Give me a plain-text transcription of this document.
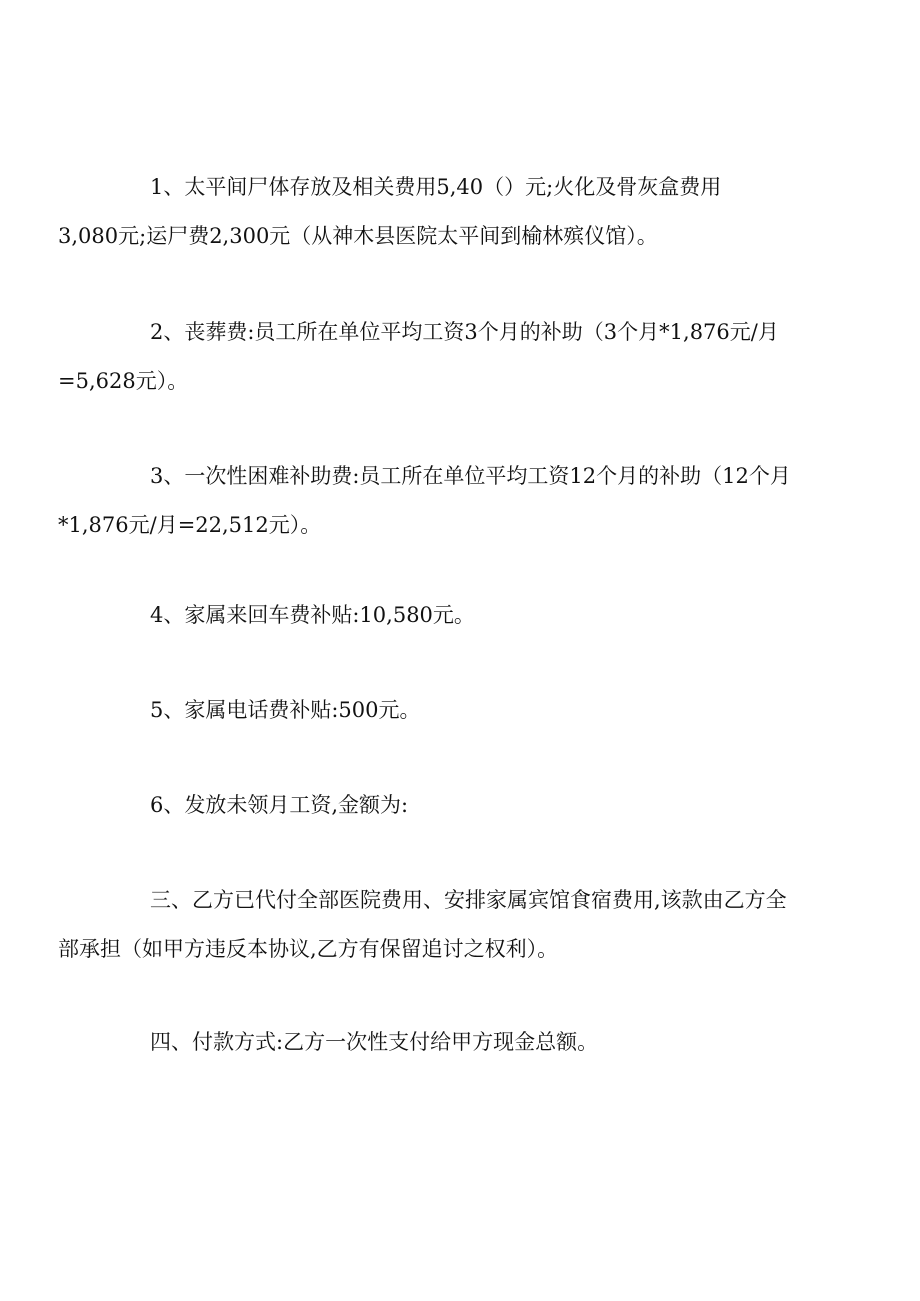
1、太平间尸体存放及相关费用5,40（）元;火化及骨灰盒费用
3,080元;运尸费2,300元（从神木县医院太平间到榆林殡仪馆）。
2、丧葬费:员工所在单位平均工资3个月的补助（3个月*1,876元/月
=5,628元）。
3、一次性困难补助费:员工所在单位平均工资12个月的补助（12个月
*1,876元/月=22,512元）。
4、家属来回车费补贴:10,580元。
5、家属电话费补贴:500元。
6、发放未领月工资,金额为:
三、乙方已代付全部医院费用、安排家属宾馆食宿费用,该款由乙方全
部承担（如甲方违反本协议,乙方有保留追讨之权利）。
四、付款方式:乙方一次性支付给甲方现金总额。
